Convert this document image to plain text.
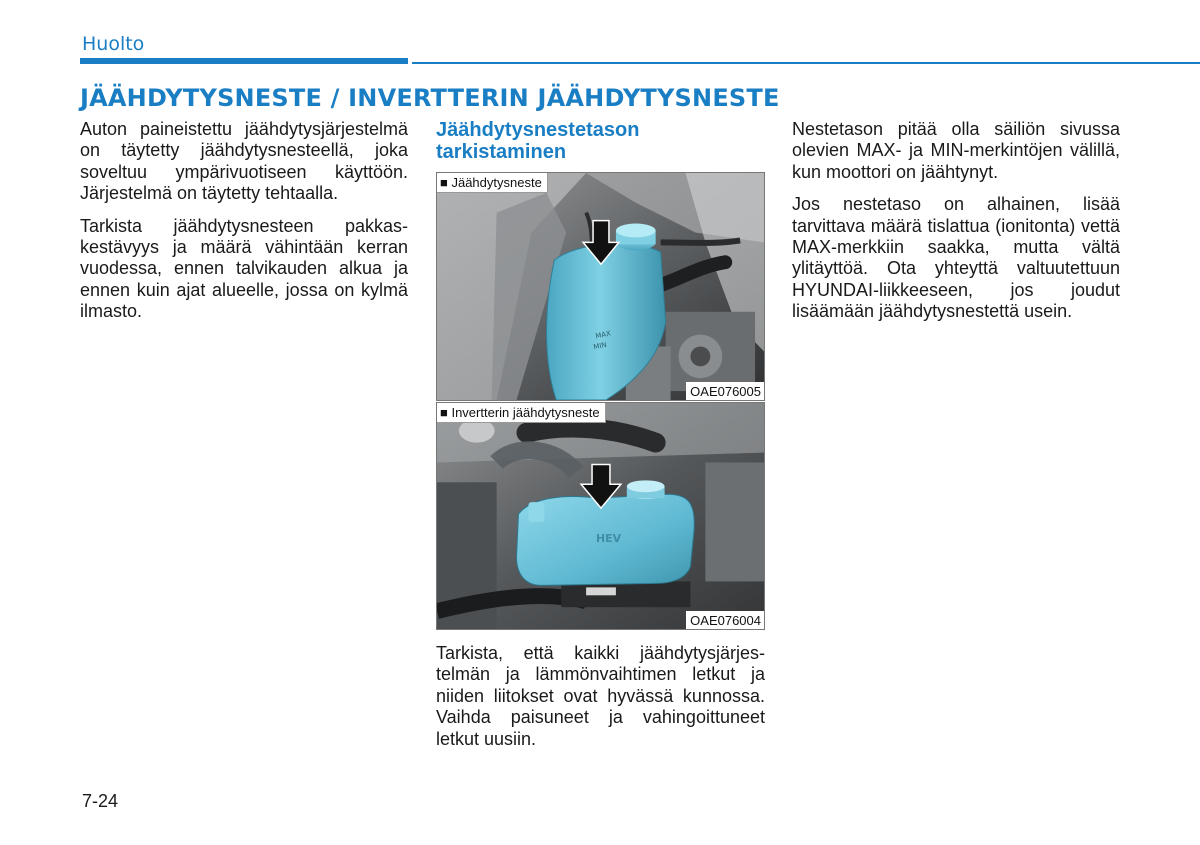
Huolto
JÄÄHDYTYSNESTE / INVERTTERIN JÄÄHDYTYSNESTE

Auton paineistettu jäähdytysjärjestelmä on täytetty jäähdytysnesteellä, joka soveltuu ympärivuotiseen käyttöön. Järjestelmä on täytetty tehtaalla.

Tarkista jäähdytysnesteen pakkaskestävyys ja määrä vähintään kerran vuodessa, ennen talvikauden alkua ja ennen kuin ajat alueelle, jossa on kylmä ilmasto.

Jäähdytysnestetason tarkistaminen
MAX
MIN
■ Jäähdytysneste
OAE076005
HEV
■ Invertterin jäähdytysneste
OAE076004

Tarkista, että kaikki jäähdytysjärjestelmän ja lämmönvaihtimen letkut ja niiden liitokset ovat hyvässä kunnossa. Vaihda paisuneet ja vahingoittuneet letkut uusiin.

Nestetason pitää olla säiliön sivussa olevien MAX- ja MIN-merkintöjen välillä, kun moottori on jäähtynyt.

Jos nestetaso on alhainen, lisää tarvittava määrä tislattua (ionitonta) vettä MAX-merkkiin saakka, mutta vältä ylitäyttöä. Ota yhteyttä valtuutettuun HYUNDAI-liikkeeseen, jos joudut lisäämään jäähdytysnestettä usein.

7-24
